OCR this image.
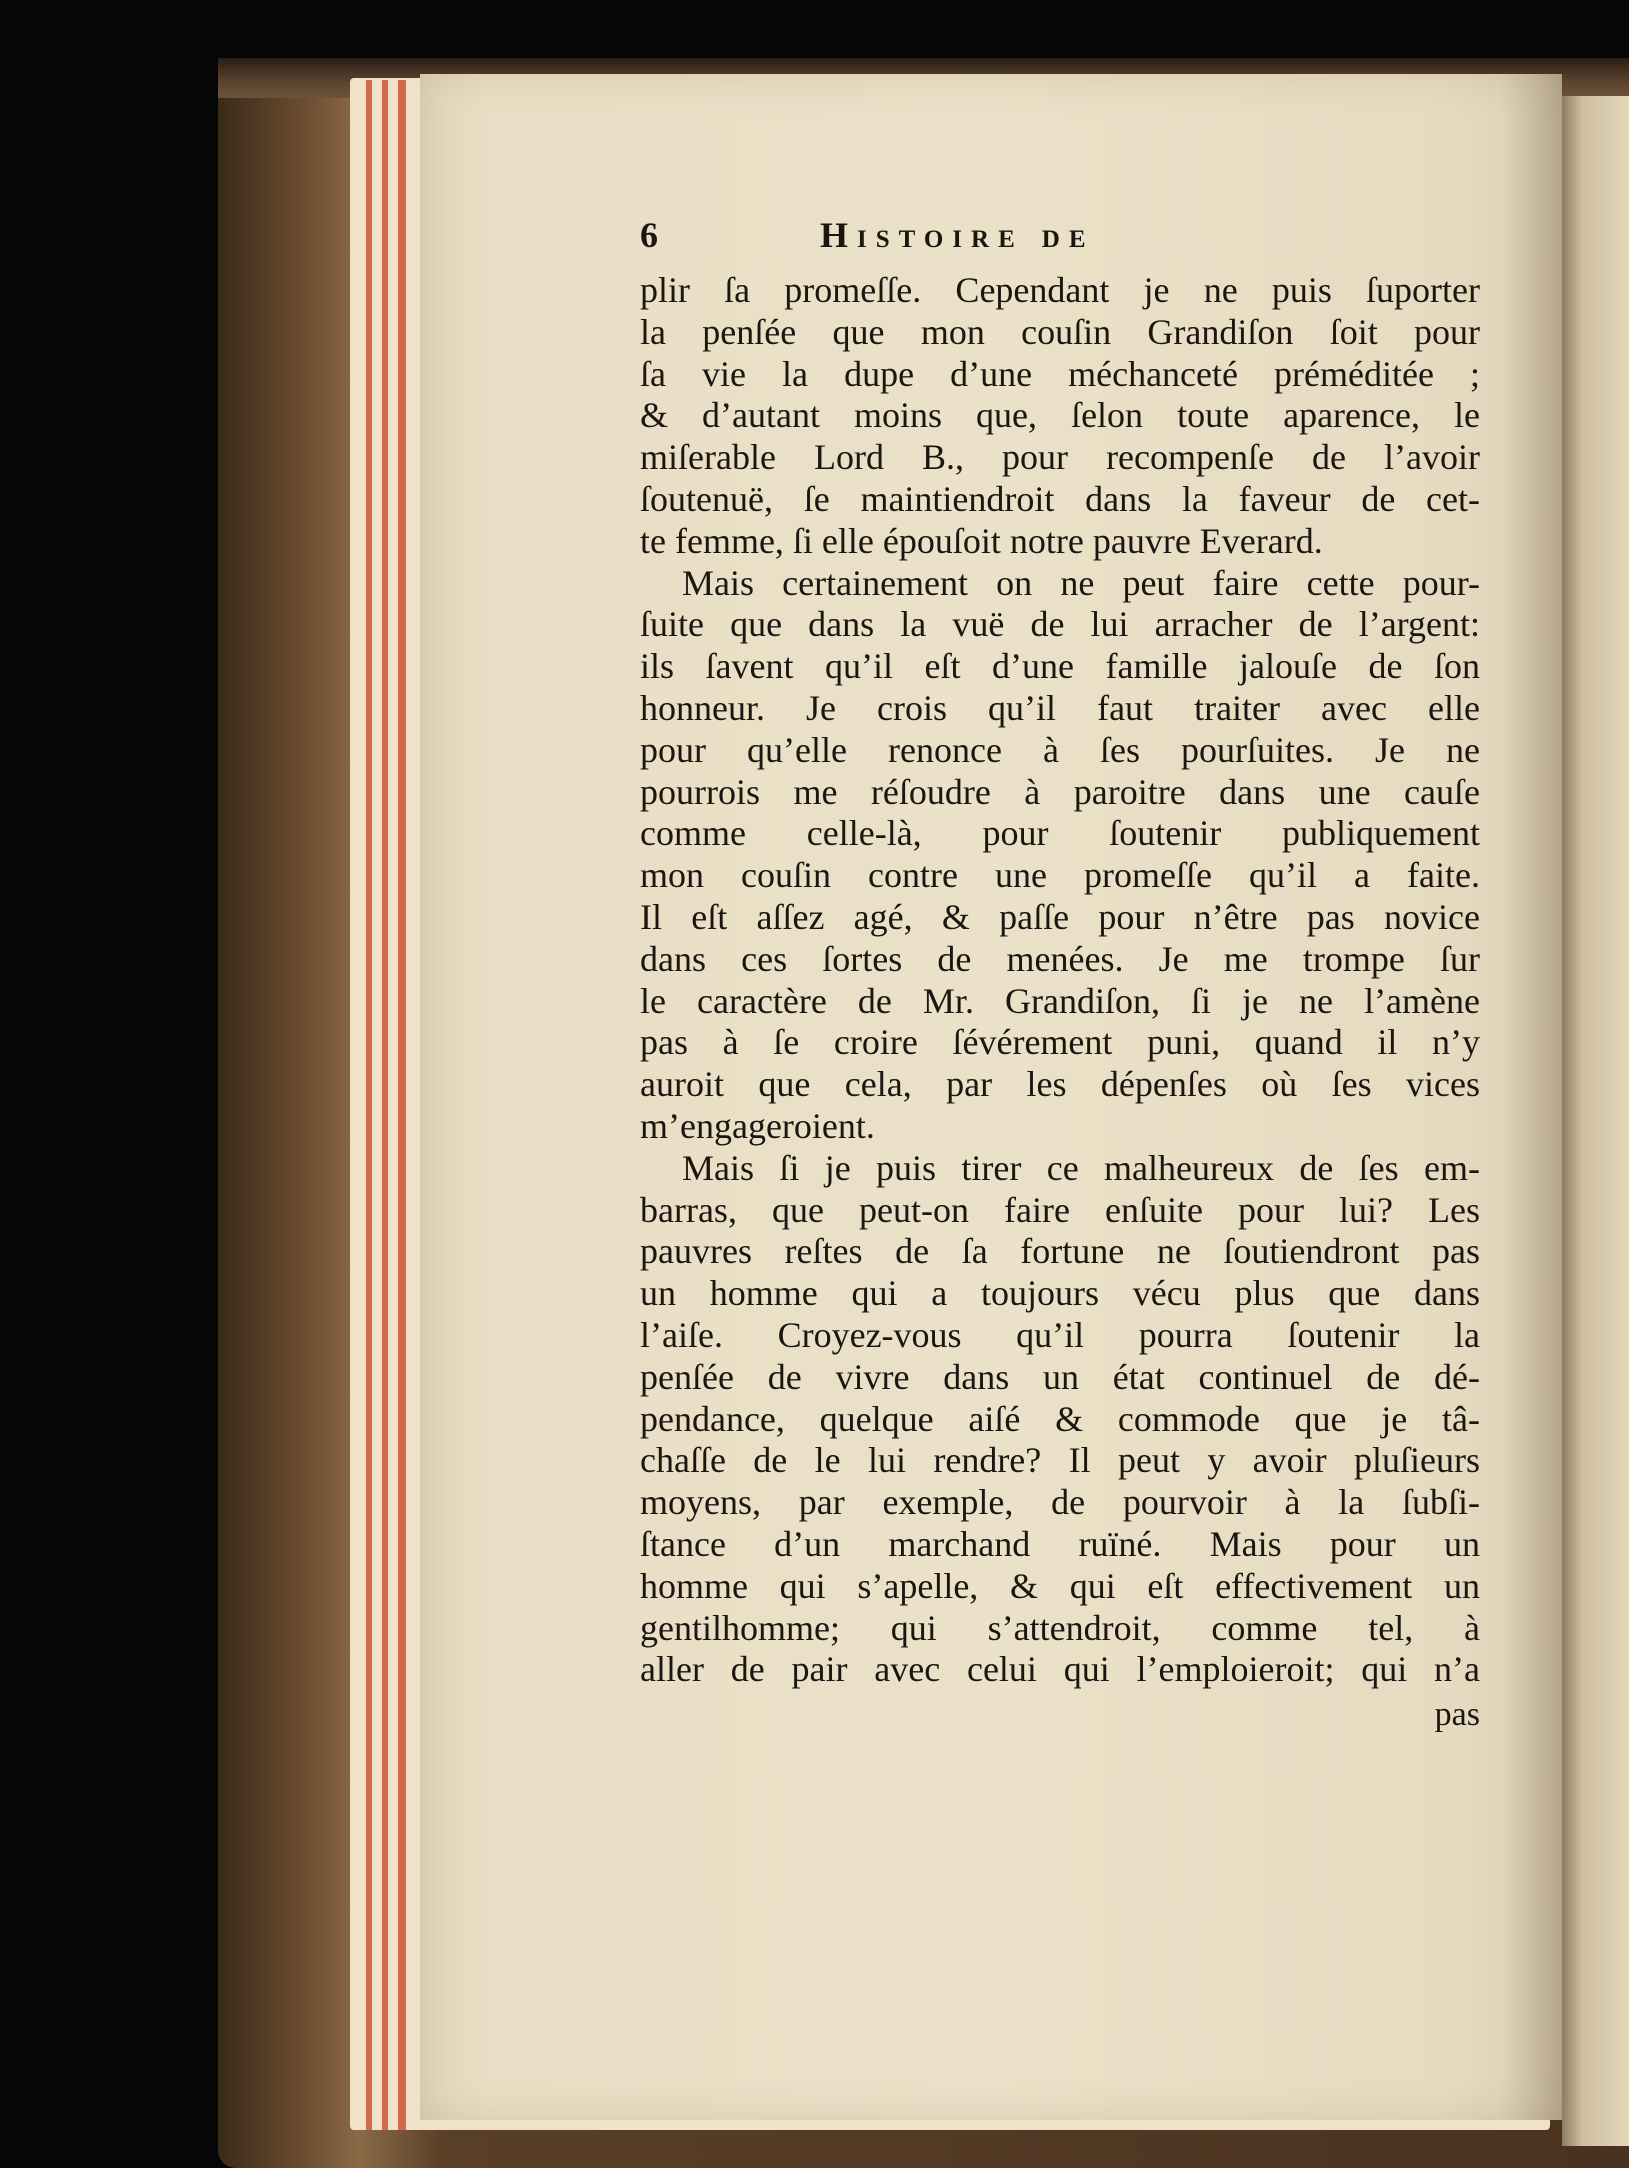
6	Histoire de
plir ſa promeſſe. Cependant je ne puis ſuporter
la penſée que mon couſin Grandiſon ſoit pour
ſa vie la dupe d’une méchanceté préméditée ;
& d’autant moins que, ſelon toute aparence, le
miſerable Lord B., pour recompenſe de l’avoir
ſoutenuë, ſe maintiendroit dans la faveur de cet-
te femme, ſi elle épouſoit notre pauvre Everard.
Mais certainement on ne peut faire cette pour-
ſuite que dans la vuë de lui arracher de l’argent:
ils ſavent qu’il eſt d’une famille jalouſe de ſon
honneur. Je crois qu’il faut traiter avec elle
pour qu’elle renonce à ſes pourſuites. Je ne
pourrois me réſoudre à paroitre dans une cauſe
comme celle-là, pour ſoutenir publiquement
mon couſin contre une promeſſe qu’il a faite.
Il eſt aſſez agé, & paſſe pour n’être pas novice
dans ces ſortes de menées. Je me trompe ſur
le caractère de Mr. Grandiſon, ſi je ne l’amène
pas à ſe croire ſévérement puni, quand il n’y
auroit que cela, par les dépenſes où ſes vices
m’engageroient.
Mais ſi je puis tirer ce malheureux de ſes em-
barras, que peut-on faire enſuite pour lui? Les
pauvres reſtes de ſa fortune ne ſoutiendront pas
un homme qui a toujours vécu plus que dans
l’aiſe. Croyez-vous qu’il pourra ſoutenir la
penſée de vivre dans un état continuel de dé-
pendance, quelque aiſé & commode que je tâ-
chaſſe de le lui rendre? Il peut y avoir pluſieurs
moyens, par exemple, de pourvoir à la ſubſi-
ſtance d’un marchand ruïné. Mais pour un
homme qui s’apelle, & qui eſt effectivement un
gentilhomme; qui s’attendroit, comme tel, à
aller de pair avec celui qui l’emploieroit; qui n’a
pas
